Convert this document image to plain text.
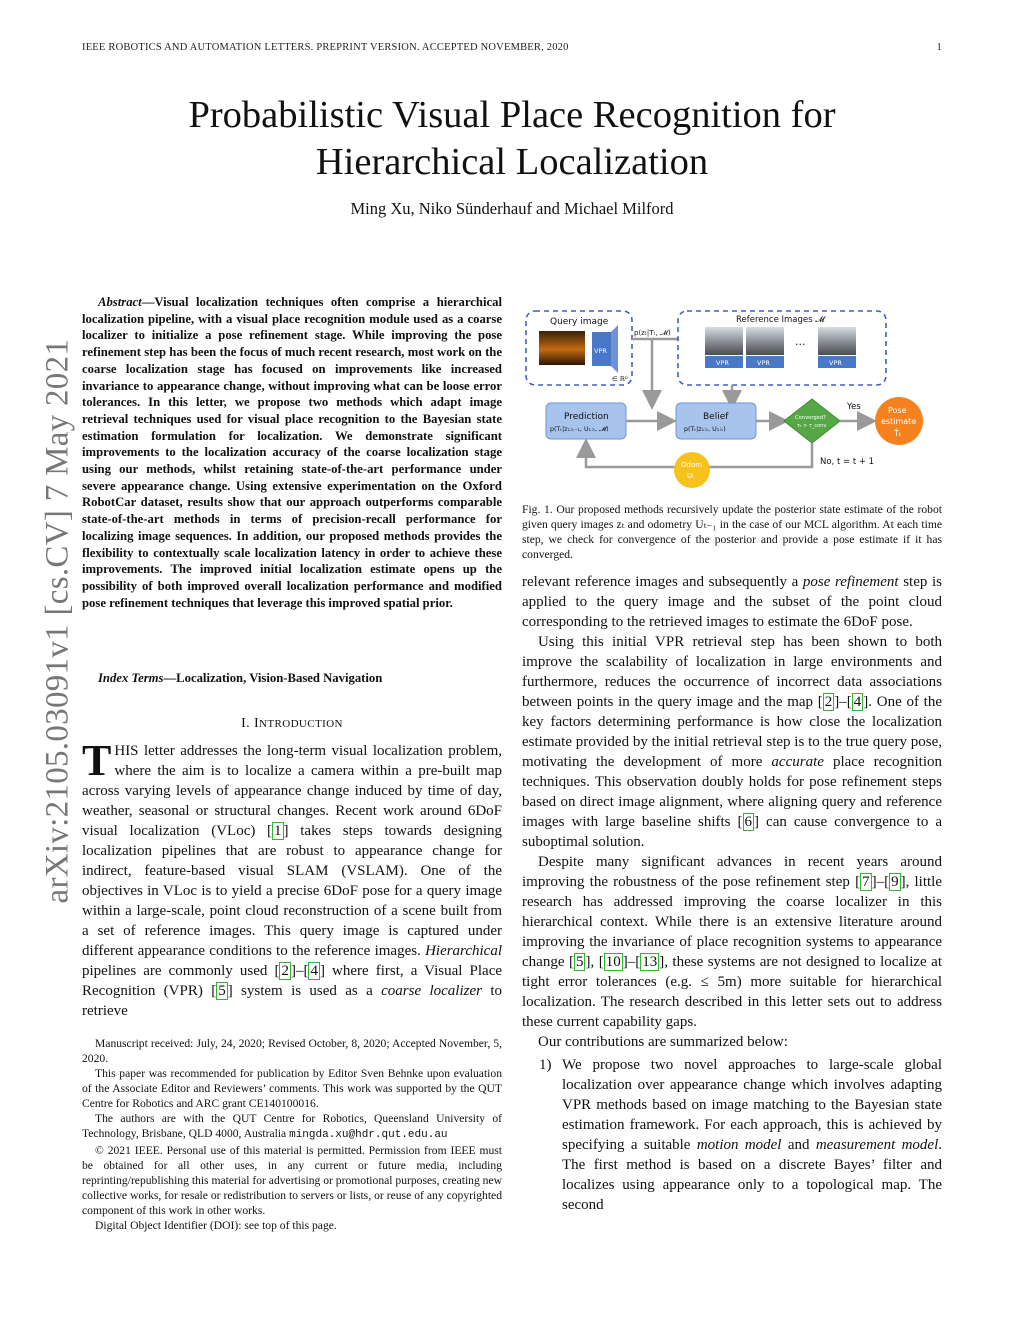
IEEE ROBOTICS AND AUTOMATION LETTERS. PREPRINT VERSION. ACCEPTED NOVEMBER, 2020	1
arXiv:2105.03091v1 [cs.CV] 7 May 2021
Probabilistic Visual Place Recognition for
Hierarchical Localization
Ming Xu, Niko Sünderhauf and Michael Milford
Abstract—Visual localization techniques often comprise a hierarchical localization pipeline, with a visual place recognition module used as a coarse localizer to initialize a pose refinement stage. While improving the pose refinement step has been the focus of much recent research, most work on the coarse localization stage has focused on improvements like increased invariance to appearance change, without improving what can be loose error tolerances. In this letter, we propose two methods which adapt image retrieval techniques used for visual place recognition to the Bayesian state estimation formulation for localization. We demonstrate significant improvements to the localization accuracy of the coarse localization stage using our methods, whilst retaining state-of-the-art performance under severe appearance change. Using extensive experimentation on the Oxford RobotCar dataset, results show that our approach outperforms comparable state-of-the-art methods in terms of precision-recall performance for localizing image sequences. In addition, our proposed methods provides the flexibility to contextually scale localization latency in order to achieve these improvements. The improved initial localization estimate opens up the possibility of both improved overall localization performance and modified pose refinement techniques that leverage this improved spatial prior.
Index Terms—Localization, Vision-Based Navigation
I. INTRODUCTION
THIS letter addresses the long-term visual localization problem, where the aim is to localize a camera within a pre-built map across varying levels of appearance change induced by time of day, weather, seasonal or structural changes. Recent work around 6DoF visual localization (VLoc) [ 1 ] takes steps towards designing localization pipelines that are robust to appearance change for indirect, feature-based visual SLAM (VSLAM). One of the objectives in VLoc is to yield a precise 6DoF pose for a query image within a large-scale, point cloud reconstruction of a scene built from a set of reference images. This query image is captured under different appearance conditions to the reference images. Hierarchical pipelines are commonly used [ 2 ]–[ 4 ] where first, a Visual Place Recognition (VPR) [ 5 ] system is used as a coarse localizer to retrieve

Manuscript received: July, 24, 2020; Revised October, 8, 2020; Accepted November, 5, 2020.

This paper was recommended for publication by Editor Sven Behnke upon evaluation of the Associate Editor and Reviewers’ comments. This work was supported by the QUT Centre for Robotics and ARC grant CE140100016.

The authors are with the QUT Centre for Robotics, Queensland University of Technology, Brisbane, QLD 4000, Australia mingda.xu@hdr.qut.edu.au

© 2021 IEEE. Personal use of this material is permitted. Permission from IEEE must be obtained for all other uses, in any current or future media, including reprinting/republishing this material for advertising or promotional purposes, creating new collective works, for resale or redistribution to servers or lists, or reuse of any copyrighted component of this work in other works.

Digital Object Identifier (DOI): see top of this page.

Query image
VPR
∈ ℝᴰ
p(zₜ|Tₜ, 𝓜)
Reference Images 𝓜
...
VPR	VPR	VPR
Prediction
p(Tₜ|z₁:ₜ₋₁, U₁:ₜ, 𝓜)
Belief
p(Tₜ|z₁:ₜ, U₁:ₜ)
Converged?
τₜ > τ_conv
Yes	Pose
estimate
T̂ₜ
No, t = t + 1
Odom
Uₜ
Fig. 1. Our proposed methods recursively update the posterior state estimate of the robot given query images zₜ and odometry Uₜ₋₁ in the case of our MCL algorithm. At each time step, we check for convergence of the posterior and provide a pose estimate if it has converged.

relevant reference images and subsequently a pose refinement step is applied to the query image and the subset of the point cloud corresponding to the retrieved images to estimate the 6DoF pose.

Using this initial VPR retrieval step has been shown to both improve the scalability of localization in large environments and furthermore, reduces the occurrence of incorrect data associations between points in the query image and the map [ 2 ]–[ 4 ]. One of the key factors determining performance is how close the localization estimate provided by the initial retrieval step is to the true query pose, motivating the development of more accurate place recognition techniques. This observation doubly holds for pose refinement steps based on direct image alignment, where aligning query and reference images with large baseline shifts [ 6 ] can cause convergence to a suboptimal solution.

Despite many significant advances in recent years around improving the robustness of the pose refinement step [ 7 ]–[ 9 ], little research has addressed improving the coarse localizer in this hierarchical context. While there is an extensive literature around improving the invariance of place recognition systems to appearance change [ 5 ], [ 10 ]–[ 13 ], these systems are not designed to localize at tight error tolerances (e.g. ≤ 5m) more suitable for hierarchical localization. The research described in this letter sets out to address these current capability gaps.

Our contributions are summarized below:

1) We propose two novel approaches to large-scale global localization over appearance change which involves adapting VPR methods based on image matching to the Bayesian state estimation framework. For each approach, this is achieved by specifying a suitable motion model and measurement model. The first method is based on a discrete Bayes’ filter and localizes using appearance only to a topological map. The second
